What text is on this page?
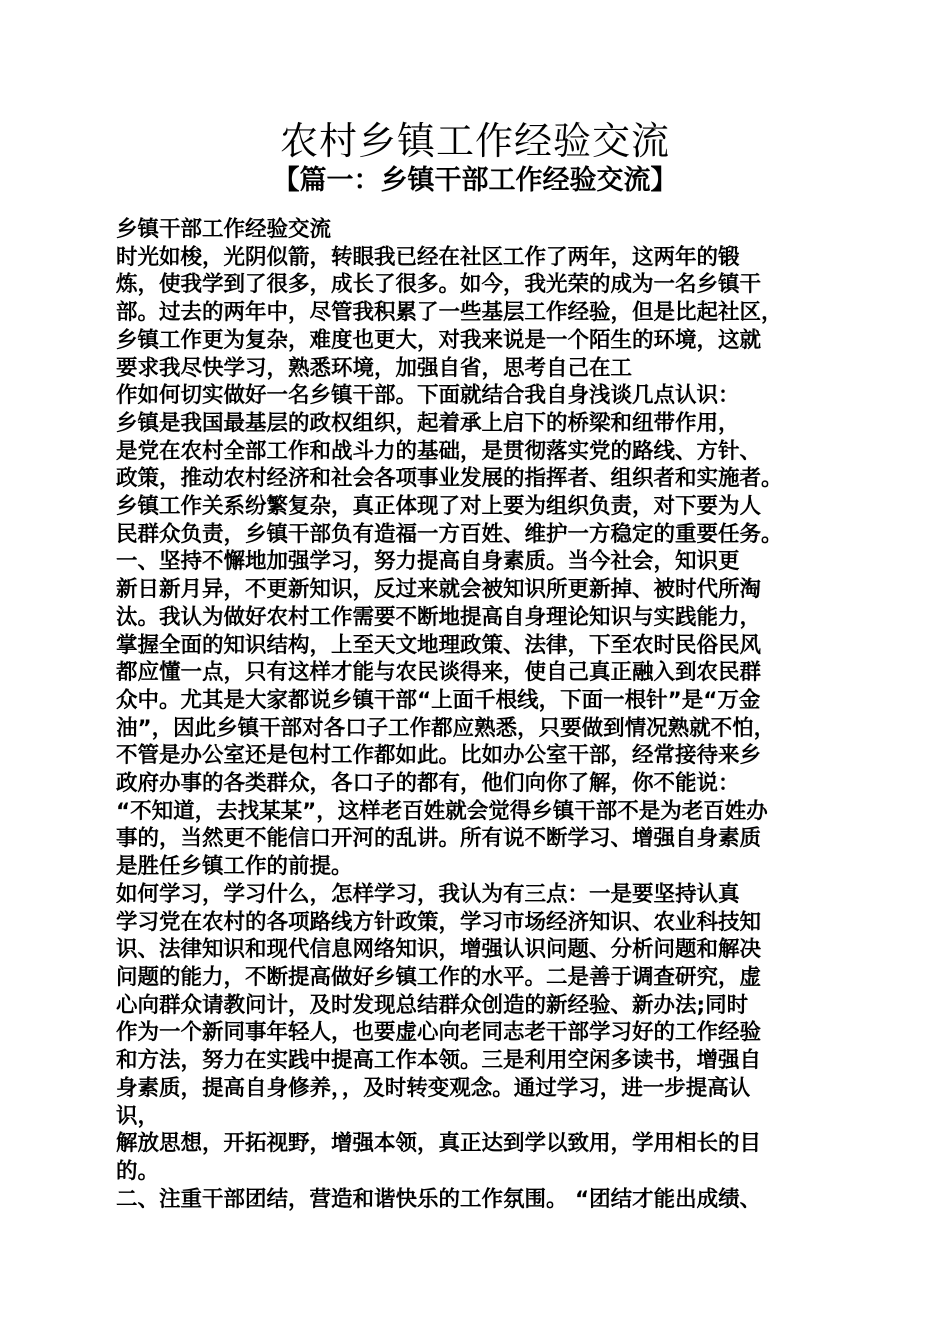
农村乡镇工作经验交流
【篇一：乡镇干部工作经验交流】
乡镇干部工作经验交流
时光如梭，光阴似箭，转眼我已经在社区工作了两年，这两年的锻
炼，使我学到了很多，成长了很多。如今，我光荣的成为一名乡镇干
部。过去的两年中，尽管我积累了一些基层工作经验，但是比起社区，
乡镇工作更为复杂，难度也更大，对我来说是一个陌生的环境，这就
要求我尽快学习，熟悉环境，加强自省，思考自己在工
作如何切实做好一名乡镇干部。下面就结合我自身浅谈几点认识：
乡镇是我国最基层的政权组织，起着承上启下的桥梁和纽带作用，
是党在农村全部工作和战斗力的基础，是贯彻落实党的路线、方针、
政策，推动农村经济和社会各项事业发展的指挥者、组织者和实施者。
乡镇工作关系纷繁复杂，真正体现了对上要为组织负责，对下要为人
民群众负责，乡镇干部负有造福一方百姓、维护一方稳定的重要任务。
一、坚持不懈地加强学习，努力提高自身素质。当今社会，知识更
新日新月异，不更新知识，反过来就会被知识所更新掉、被时代所淘
汰。我认为做好农村工作需要不断地提高自身理论知识与实践能力，
掌握全面的知识结构，上至天文地理政策、法律，下至农时民俗民风
都应懂一点，只有这样才能与农民谈得来，使自己真正融入到农民群
众中。尤其是大家都说乡镇干部“上面千根线，下面一根针”是“万金
油”，因此乡镇干部对各口子工作都应熟悉，只要做到情况熟就不怕，
不管是办公室还是包村工作都如此。比如办公室干部，经常接待来乡
政府办事的各类群众，各口子的都有，他们向你了解，你不能说：
“不知道，去找某某”，这样老百姓就会觉得乡镇干部不是为老百姓办
事的，当然更不能信口开河的乱讲。所有说不断学习、增强自身素质
是胜任乡镇工作的前提。
如何学习，学习什么，怎样学习，我认为有三点：一是要坚持认真
学习党在农村的各项路线方针政策，学习市场经济知识、农业科技知
识、法律知识和现代信息网络知识，增强认识问题、分析问题和解决
问题的能力，不断提高做好乡镇工作的水平。二是善于调查研究，虚
心向群众请教问计，及时发现总结群众创造的新经验、新办法;同时
作为一个新同事年轻人，也要虚心向老同志老干部学习好的工作经验
和方法，努力在实践中提高工作本领。三是利用空闲多读书，增强自
身素质，提高自身修养，，及时转变观念。通过学习，进一步提高认
识，
解放思想，开拓视野，增强本领，真正达到学以致用，学用相长的目
的。
二、注重干部团结，营造和谐快乐的工作氛围。 “团结才能出成绩、
